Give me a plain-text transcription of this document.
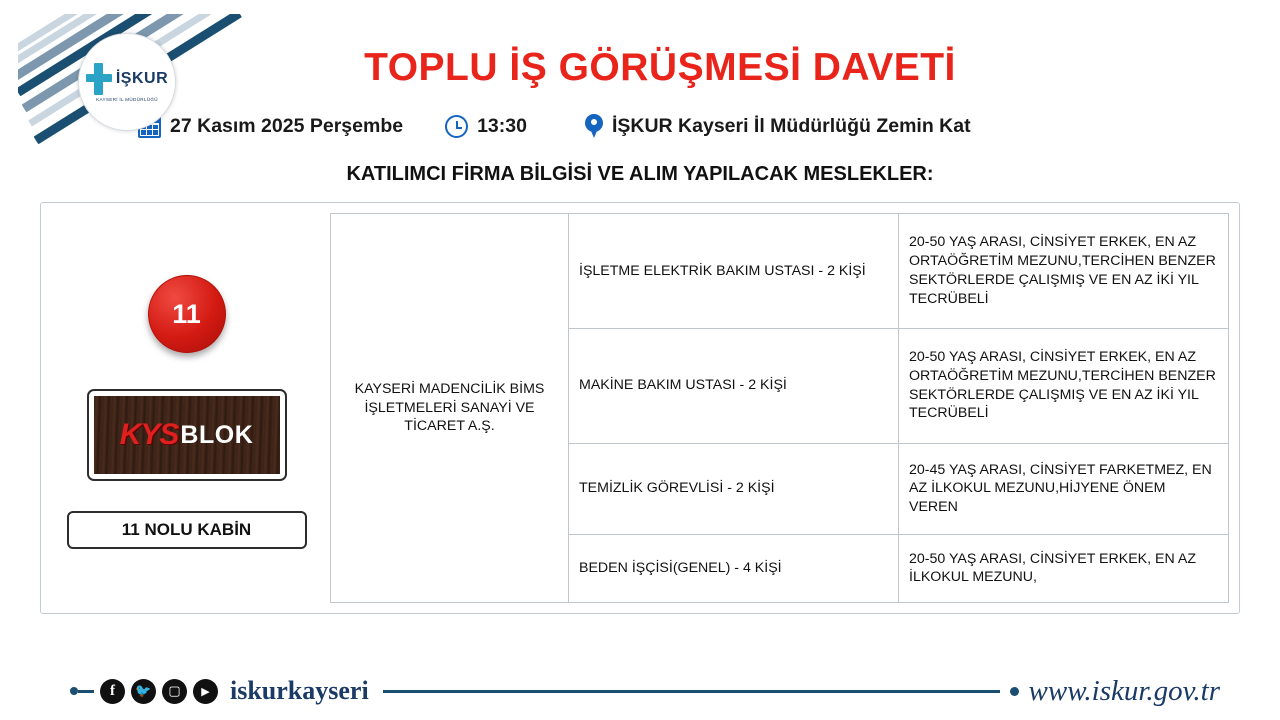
İŞKUR
KAYSERİ İL MÜDÜRLÜĞÜ
TOPLU İŞ GÖRÜŞMESİ DAVETİ
27 Kasım 2025 Perşembe	13:30	İŞKUR Kayseri İl Müdürlüğü Zemin Kat
KATILIMCI FİRMA BİLGİSİ VE ALIM YAPILACAK MESLEKLER:
11
KYS BLOK
11 NOLU KABİN
KAYSERİ MADENCİLİK BİMS İŞLETMELERİ SANAYİ VE TİCARET A.Ş.	İŞLETME ELEKTRİK BAKIM USTASI - 2 KİŞİ	20-50 YAŞ ARASI, CİNSİYET ERKEK, EN AZ ORTAÖĞRETİM MEZUNU,TERCİHEN BENZER SEKTÖRLERDE ÇALIŞMIŞ VE EN AZ İKİ YIL TECRÜBELİ
	MAKİNE BAKIM USTASI - 2 KİŞİ	20-50 YAŞ ARASI, CİNSİYET ERKEK, EN AZ ORTAÖĞRETİM MEZUNU,TERCİHEN BENZER SEKTÖRLERDE ÇALIŞMIŞ VE EN AZ İKİ YIL TECRÜBELİ
	TEMİZLİK GÖREVLİSİ - 2 KİŞİ	20-45 YAŞ ARASI, CİNSİYET FARKETMEZ, EN AZ İLKOKUL MEZUNU,HİJYENE ÖNEM VEREN
	BEDEN İŞÇİSİ(GENEL) - 4 KİŞİ	20-50 YAŞ ARASI, CİNSİYET ERKEK, EN AZ İLKOKUL MEZUNU,
f	🐦	▢	▶ iskurkayseri	www.iskur.gov.tr
